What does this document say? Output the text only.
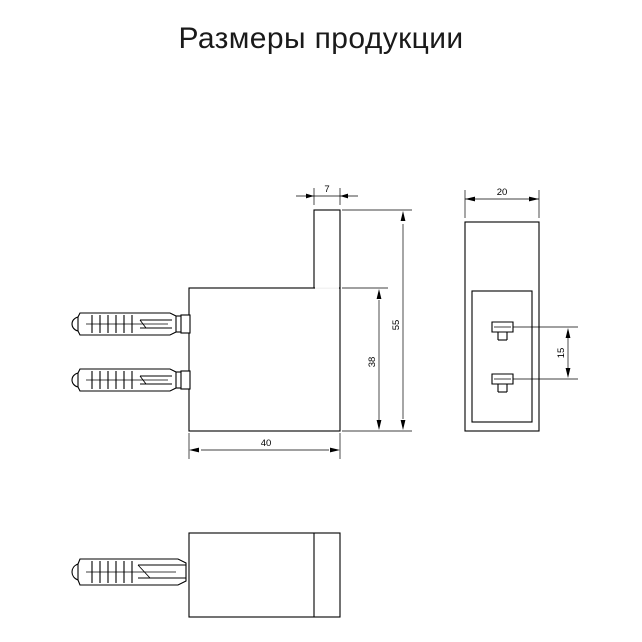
Размеры продукции
7
55
38
40
20
15
